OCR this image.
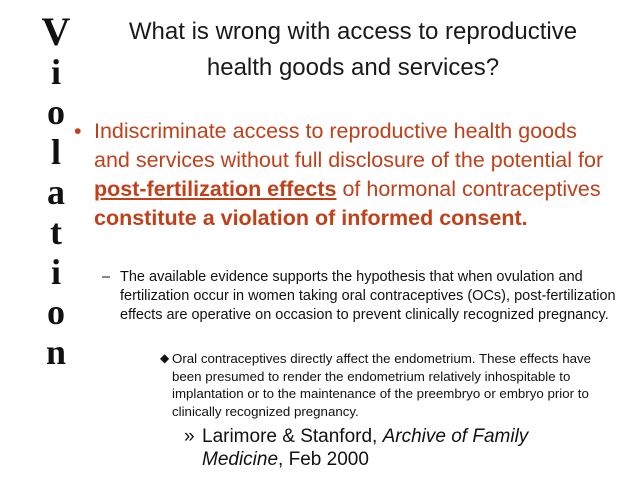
V
i
o
l
a
t
i
o
n
What is wrong with access to reproductive health goods and services?
• Indiscriminate access to reproductive health goods and services without full disclosure of the potential for post-fertilization effects of hormonal contraceptives constitute a violation of informed consent.
– The available evidence supports the hypothesis that when ovulation and fertilization occur in women taking oral contraceptives (OCs), post-fertilization effects are operative on occasion to prevent clinically recognized pregnancy.
◆ Oral contraceptives directly affect the endometrium. These effects have been presumed to render the endometrium relatively inhospitable to implantation or to the maintenance of the preembryo or embryo prior to clinically recognized pregnancy.
» Larimore & Stanford, Archive of Family Medicine, Feb 2000
